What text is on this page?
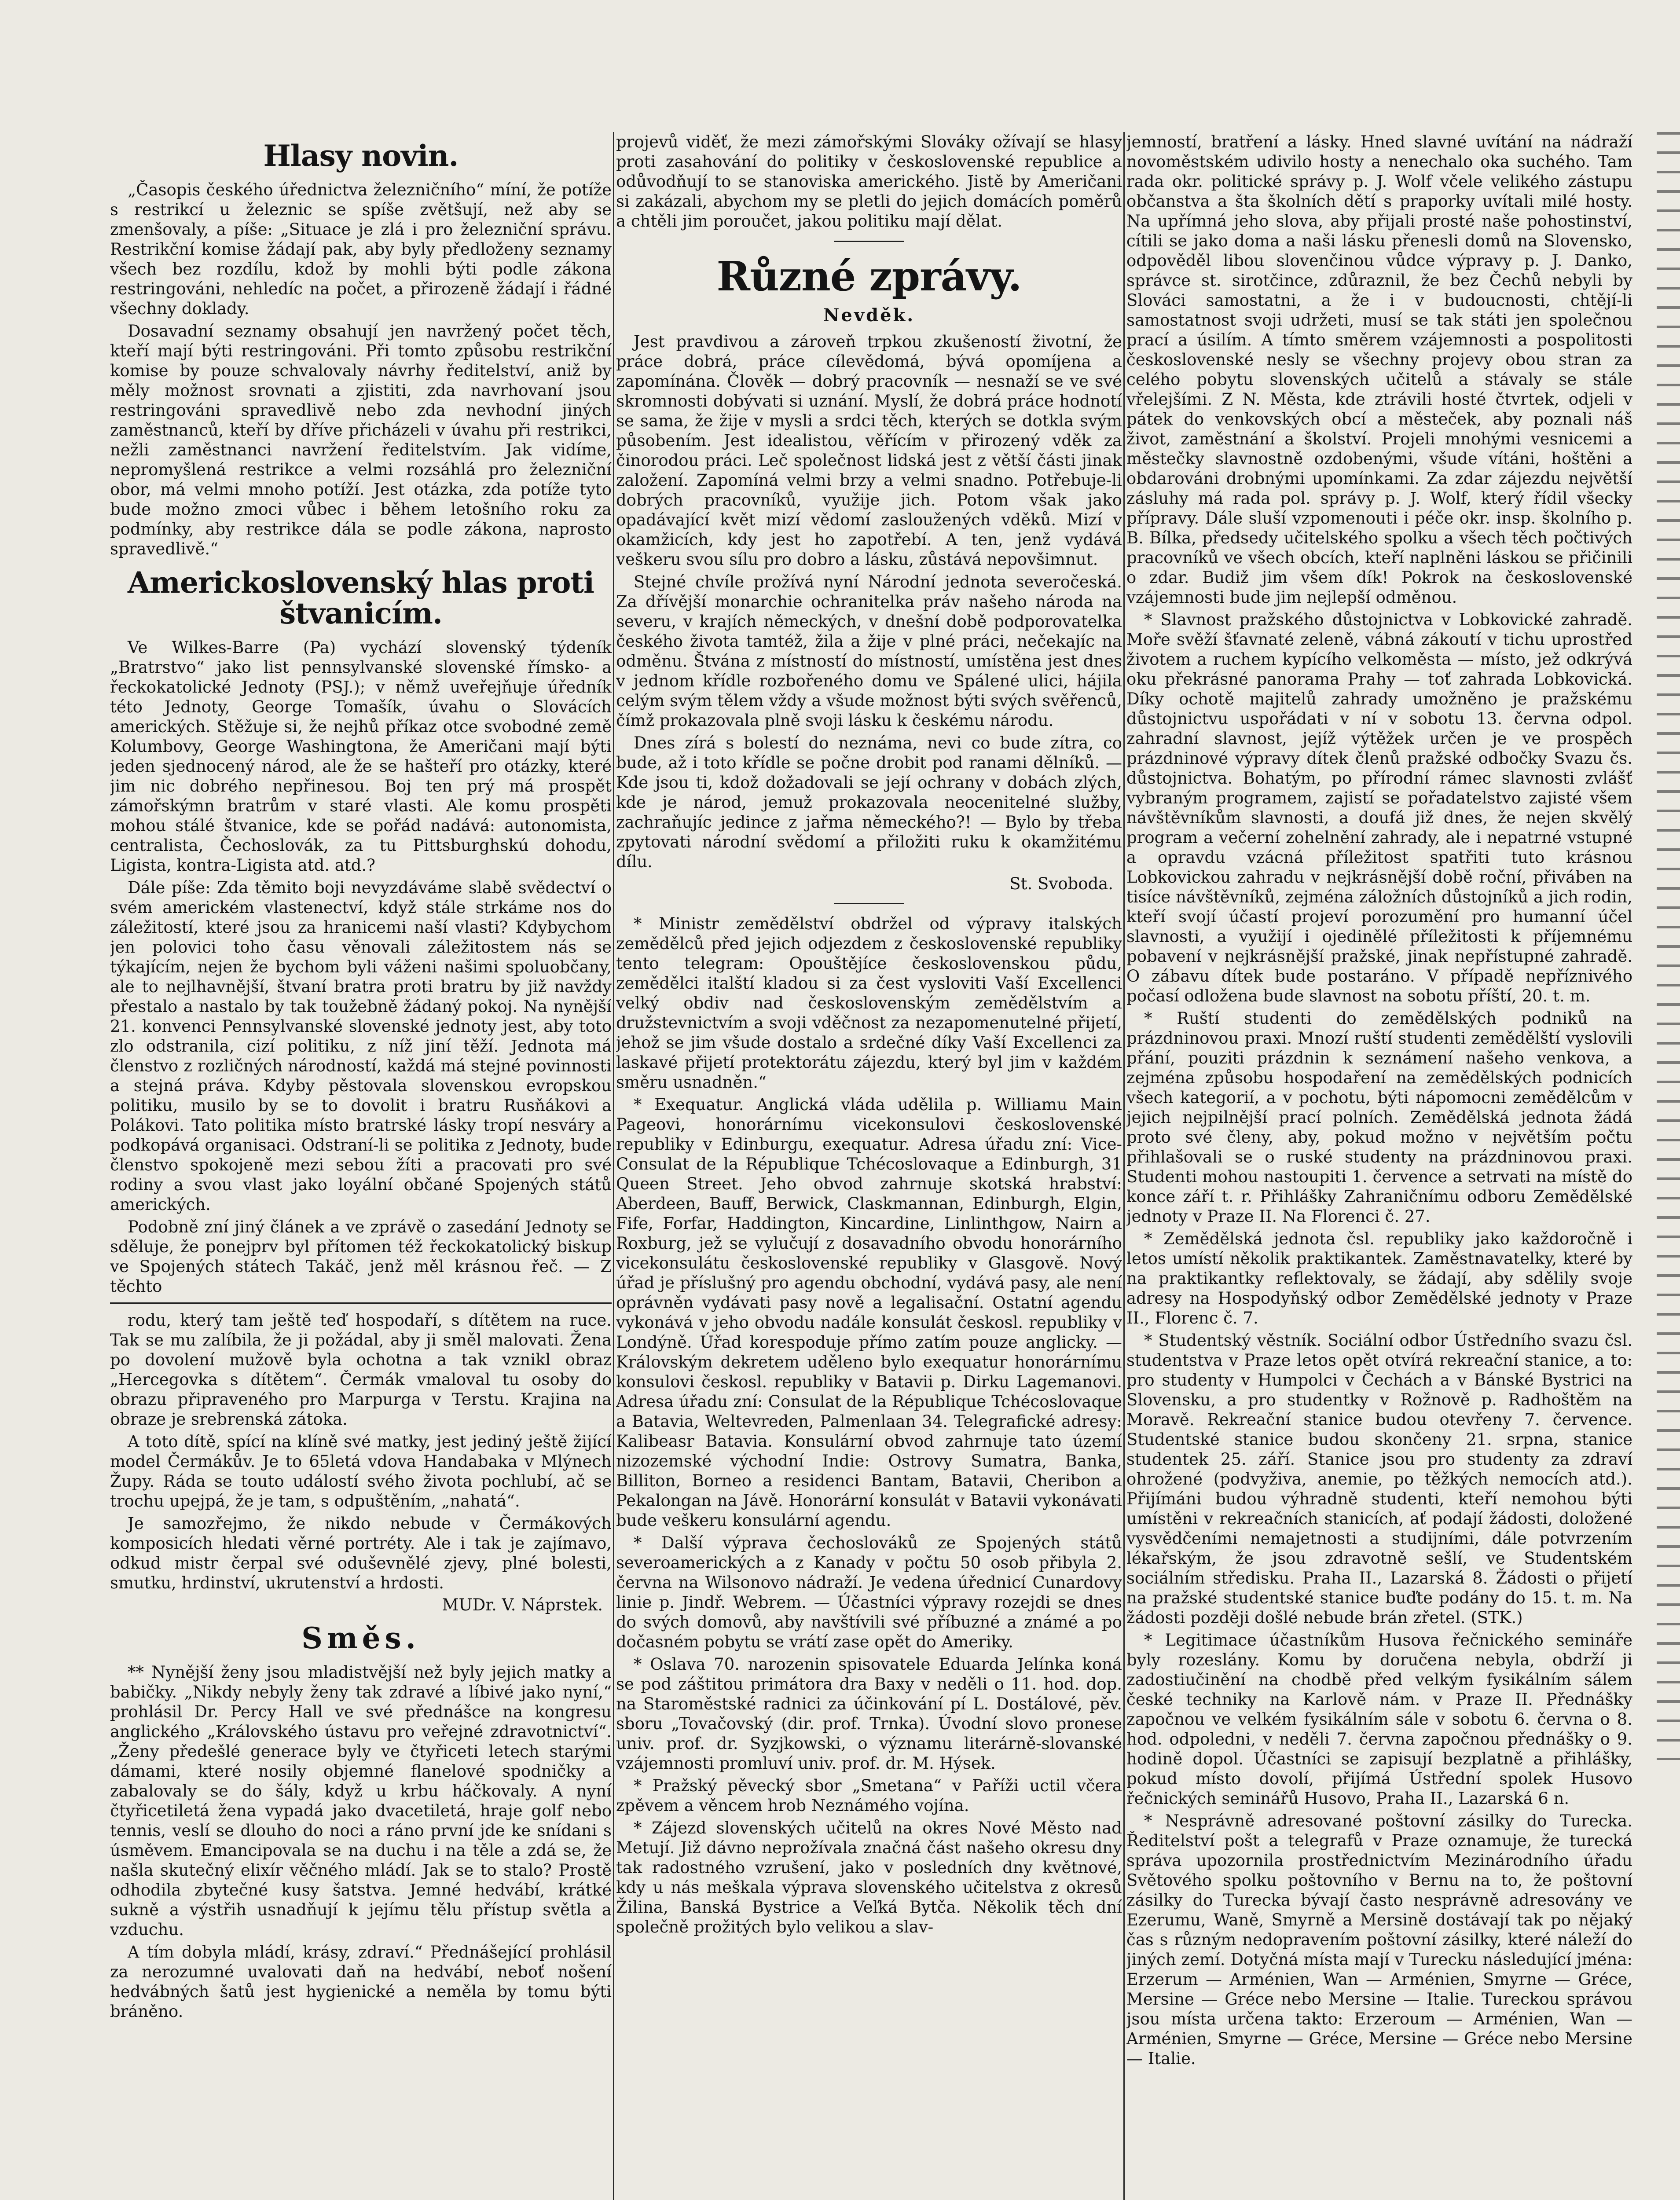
Hlasy novin.

„Časopis českého úřednictva železničního“ míní, že potíže s restrikcí u železnic se spíše zvětšují, než aby se zmenšovaly, a píše: „Situace je zlá i pro železniční správu. Restrikční komise žádají pak, aby byly předloženy seznamy všech bez rozdílu, kdož by mohli býti podle zákona restringováni, nehledíc na počet, a přirozeně žádají i řádné všechny doklady.

Dosavadní seznamy obsahují jen navržený počet těch, kteří mají býti restringováni. Při tomto způsobu restrikční komise by pouze schvalovaly návrhy ředitelství, aniž by měly možnost srovnati a zjistiti, zda navrhovaní jsou restringováni spravedlivě nebo zda nevhodní jiných zaměstnanců, kteří by dříve přicházeli v úvahu při restrikci, nežli zaměstnanci navržení ředitelstvím. Jak vidíme, nepromyšlená restrikce a velmi rozsáhlá pro železniční obor, má velmi mnoho potíží. Jest otázka, zda potíže tyto bude možno zmoci vůbec i během letošního roku za podmínky, aby restrikce dála se podle zákona, naprosto spravedlivě.“

Americkoslovenský hlas proti štvanicím.

Ve Wilkes-Barre (Pa) vychází slovenský týdeník „Bratrstvo“ jako list pennsylvanské slovenské římsko- a řeckokatolické Jednoty (PSJ.); v němž uveřejňuje úředník této Jednoty, George Tomašík, úvahu o Slovácích amerických. Stěžuje si, že nejhů příkaz otce svobodné země Kolumbovy, George Washingtona, že Američani mají býti jeden sjednocený národ, ale že se hašteří pro otázky, které jim nic dobrého nepřinesou. Boj ten prý má prospět zámořskýmn bratrům v staré vlasti. Ale komu prospěti mohou stálé štvanice, kde se pořád nadává: autonomista, centralista, Čechoslovák, za tu Pittsburghskú dohodu, Ligista, kontra-Ligista atd. atd.?

Dále píše: Zda těmito boji nevyzdáváme slabě svědectví o svém americkém vlastenectví, když stále strkáme nos do záležitostí, které jsou za hranicemi naší vlasti? Kdybychom jen polovici toho času věnovali záležitostem nás se týkajícím, nejen že bychom byli váženi našimi spoluobčany, ale to nejlhavnější, štvaní bratra proti bratru by již navždy přestalo a nastalo by tak toužebně žádaný pokoj. Na nynější 21. konvenci Pennsylvanské slovenské jednoty jest, aby toto zlo odstranila, cizí politiku, z níž jiní těží. Jednota má členstvo z rozličných národností, každá má stejné povinnosti a stejná práva. Kdyby pěstovala slovenskou evropskou politiku, musilo by se to dovolit i bratru Rusňákovi a Polákovi. Tato politika místo bratrské lásky tropí nesváry a podkopává organisaci. Odstraní-li se politika z Jednoty, bude členstvo spokojeně mezi sebou žíti a pracovati pro své rodiny a svou vlast jako loyální občané Spojených států amerických.

Podobně zní jiný článek a ve zprávě o zasedání Jednoty se sděluje, že ponejprv byl přítomen též řeckokatolický biskup ve Spojených státech Takáč, jenž měl krásnou řeč. — Z těchto

rodu, který tam ještě teď hospodaří, s dítětem na ruce. Tak se mu zalíbila, že ji požádal, aby ji směl malovati. Žena po dovolení mužově byla ochotna a tak vznikl obraz „Hercegovka s dítětem“. Čermák vmaloval tu osoby do obrazu připraveného pro Marpurga v Terstu. Krajina na obraze je srebrenská zátoka.

A toto dítě, spící na klíně své matky, jest jediný ještě žijící model Čermákův. Je to 65letá vdova Handabaka v Mlýnech Župy. Ráda se touto událostí svého života pochlubí, ač se trochu upejpá, že je tam, s odpuštěním, „nahatá“.

Je samozřejmo, že nikdo nebude v Čermákových komposicích hledati věrné portréty. Ale i tak je zajímavo, odkud mistr čerpal své oduševnělé zjevy, plné bolesti, smutku, hrdinství, ukrutenství a hrdosti.

MUDr. V. Náprstek.
Směs.

** Nynější ženy jsou mladistvější než byly jejich matky a babičky. „Nikdy nebyly ženy tak zdravé a líbivé jako nyní,“ prohlásil Dr. Percy Hall ve své přednášce na kongresu anglického „Královského ústavu pro veřejné zdravotnictví“. „Ženy předešlé generace byly ve čtyřiceti letech starými dámami, které nosily objemné flanelové spodničky a zabalovaly se do šály, když u krbu háčkovaly. A nyní čtyřicetiletá žena vypadá jako dvacetiletá, hraje golf nebo tennis, veslí se dlouho do noci a ráno první jde ke snídani s úsměvem. Emancipovala se na duchu i na těle a zdá se, že našla skutečný elixír věčného mládí. Jak se to stalo? Prostě odhodila zbytečné kusy šatstva. Jemné hedvábí, krátké sukně a výstřih usnadňují k jejímu tělu přístup světla a vzduchu.

A tím dobyla mládí, krásy, zdraví.“ Přednášející prohlásil za nerozumné uvalovati daň na hedvábí, neboť nošení hedvábných šatů jest hygienické a neměla by tomu býti bráněno.

projevů viděť, že mezi zámořskými Slováky ožívají se hlasy proti zasahování do politiky v československé republice a odůvodňují to se stanoviska amerického. Jistě by Američani si zakázali, abychom my se pletli do jejich domácích poměrů a chtěli jim poroučet, jakou politiku mají dělat.

Různé zprávy.
Nevděk.

Jest pravdivou a zároveň trpkou zkušeností životní, že práce dobrá, práce cílevědomá, bývá opomíjena a zapomínána. Člověk — dobrý pracovník — nesnaží se ve své skromnosti dobývati si uznání. Myslí, že dobrá práce hodnotí se sama, že žije v mysli a srdci těch, kterých se dotkla svým působením. Jest idealistou, věřícím v přirozený vděk za činorodou práci. Leč společnost lidská jest z větší části jinak založení. Zapomíná velmi brzy a velmi snadno. Potřebuje-li dobrých pracovníků, využije jich. Potom však jako opadávající květ mizí vědomí zasloužených vděků. Mizí v okamžicích, kdy jest ho zapotřebí. A ten, jenž vydává veškeru svou sílu pro dobro a lásku, zůstává nepovšimnut.

Stejné chvíle prožívá nyní Národní jednota severočeská. Za dřívější monarchie ochranitelka práv našeho národa na severu, v krajích německých, v dnešní době podporovatelka českého života tamtéž, žila a žije v plné práci, nečekajíc na odměnu. Štvána z místností do místností, umístěna jest dnes v jednom křídle rozbořeného domu ve Spálené ulici, hájila celým svým tělem vždy a všude možnost býti svých svěřenců, čímž prokazovala plně svoji lásku k českému národu.

Dnes zírá s bolestí do neznáma, nevi co bude zítra, co bude, až i toto křídle se počne drobit pod ranami dělníků. — Kde jsou ti, kdož dožadovali se její ochrany v dobách zlých, kde je národ, jemuž prokazovala neocenitelné služby, zachraňujíc jedince z jařma německého?! — Bylo by třeba zpytovati národní svědomí a přiložiti ruku k okamžitému dílu.

St. Svoboda.

* Ministr zemědělství obdržel od výpravy italských zemědělců před jejich odjezdem z československé republiky tento telegram: Opouštějíce československou půdu, zemědělci italští kladou si za čest vysloviti Vaší Excellenci velký obdiv nad československým zemědělstvím a družstevnictvím a svoji vděčnost za nezapomenutelné přijetí, jehož se jim všude dostalo a srdečné díky Vaší Excellenci za laskavé přijetí protektorátu zájezdu, který byl jim v každém směru usnadněn.“

* Exequatur. Anglická vláda udělila p. Williamu Main Pageovi, honorárnímu vicekonsulovi československé republiky v Edinburgu, exequatur. Adresa úřadu zní: Vice-Consulat de la République Tchécoslovaque a Edinburgh, 31 Queen Street. Jeho obvod zahrnuje skotská hrabství: Aberdeen, Bauff, Berwick, Claskmannan, Edinburgh, Elgin, Fife, Forfar, Haddington, Kincardine, Linlinthgow, Nairn a Roxburg, jež se vylučují z dosavadního obvodu honorárního vicekonsulátu československé republiky v Glasgově. Nový úřad je příslušný pro agendu obchodní, vydává pasy, ale není oprávněn vydávati pasy nově a legalisační. Ostatní agendu vykonává v jeho obvodu nadále konsulát českosl. republiky v Londýně. Úřad korespoduje přímo zatím pouze anglicky. — Královským dekretem uděleno bylo exequatur honorárnímu konsulovi českosl. republiky v Batavii p. Dirku Lagemanovi. Adresa úřadu zní: Consulat de la République Tchécoslovaque a Batavia, Weltevreden, Palmenlaan 34. Telegrafické adresy: Kalibeasr Batavia. Konsulární obvod zahrnuje tato území nizozemské východní Indie: Ostrovy Sumatra, Banka, Billiton, Borneo a residenci Bantam, Batavii, Cheribon a Pekalongan na Jávě. Honorární konsulát v Batavii vykonávati bude veškeru konsulární agendu.

* Další výprava čechoslováků ze Spojených států severoamerických a z Kanady v počtu 50 osob přibyla 2. června na Wilsonovo nádraží. Je vedena úřednicí Cunardovy linie p. Jindř. Webrem. — Účastníci výpravy rozejdi se dnes do svých domovů, aby navštívili své příbuzné a známé a po dočasném pobytu se vrátí zase opět do Ameriky.

* Oslava 70. narozenin spisovatele Eduarda Jelínka koná se pod záštitou primátora dra Baxy v neděli o 11. hod. dop. na Staroměstské radnici za účinkování pí L. Dostálové, pěv. sboru „Tovačovský (dir. prof. Trnka). Úvodní slovo pronese univ. prof. dr. Syzjkowski, o významu literárně-slovanské vzájemnosti promluví univ. prof. dr. M. Hýsek.

* Pražský pěvecký sbor „Smetana“ v Paříži uctil včera zpěvem a věncem hrob Neznámého vojína.

* Zájezd slovenských učitelů na okres Nové Město nad Metují. Již dávno neprožívala značná část našeho okresu dny tak radostného vzrušení, jako v posledních dny květnové, kdy u nás meškala výprava slovenského učitelstva z okresů Žilina, Banská Bystrice a Veľká Bytča. Několik těch dní společně prožitých bylo velikou a slav-

jemností, bratření a lásky. Hned slavné uvítání na nádraží novoměstském udivilo hosty a nenechalo oka suchého. Tam rada okr. politické správy p. J. Wolf včele velikého zástupu občanstva a šta školních dětí s praporky uvítali milé hosty. Na upřímná jeho slova, aby přijali prosté naše pohostinství, cítili se jako doma a naši lásku přenesli domů na Slovensko, odpověděl libou slovenčinou vůdce výpravy p. J. Danko, správce st. sirotčince, zdůraznil, že bez Čechů nebyli by Slováci samostatni, a že i v budoucnosti, chtějí-li samostatnost svoji udržeti, musí se tak státi jen společnou prací a úsilím. A tímto směrem vzájemnosti a pospolitosti československé nesly se všechny projevy obou stran za celého pobytu slovenských učitelů a stávaly se stále vřelejšími. Z N. Města, kde ztrávili hosté čtvrtek, odjeli v pátek do venkovských obcí a městeček, aby poznali náš život, zaměstnání a školství. Projeli mnohými vesnicemi a městečky slavnostně ozdobenými, všude vítáni, hoštěni a obdarováni drobnými upomínkami. Za zdar zájezdu největší zásluhy má rada pol. správy p. J. Wolf, který řídil všecky přípravy. Dále sluší vzpomenouti i péče okr. insp. školního p. B. Bílka, předsedy učitelského spolku a všech těch počtivých pracovníků ve všech obcích, kteří naplněni láskou se přičinili o zdar. Budiž jim všem dík! Pokrok na československé vzájemnosti bude jim nejlepší odměnou.

* Slavnost pražského důstojnictva v Lobkovické zahradě. Moře svěží šťavnaté zeleně, vábná zákoutí v tichu uprostřed životem a ruchem kypícího velkoměsta — místo, jež odkrývá oku překrásné panorama Prahy — toť zahrada Lobkovická. Díky ochotě majitelů zahrady umožněno je pražskému důstojnictvu uspořádati v ní v sobotu 13. června odpol. zahradní slavnost, jejíž výtěžek určen je ve prospěch prázdninové výpravy dítek členů pražské odbočky Svazu čs. důstojnictva. Bohatým, po přírodní rámec slavnosti zvlášť vybraným programem, zajistí se pořadatelstvo zajisté všem návštěvníkům slavnosti, a doufá již dnes, že nejen skvělý program a večerní zohelnění zahrady, ale i nepatrné vstupné a opravdu vzácná příležitost spatřiti tuto krásnou Lobkovickou zahradu v nejkrásnější době roční, přiváben na tisíce návštěvníků, zejména záložních důstojníků a jich rodin, kteří svojí účastí projeví porozumění pro humanní účel slavnosti, a využijí i ojedinělé příležitosti k příjemnému pobavení v nejkrásnější pražské, jinak nepřístupné zahradě. O zábavu dítek bude postaráno. V případě nepříznivého počasí odložena bude slavnost na sobotu příští, 20. t. m.

* Ruští studenti do zemědělských podniků na prázdninovou praxi. Mnozí ruští studenti zemědělští vyslovili přání, pouziti prázdnin k seznámení našeho venkova, a zejména způsobu hospodaření na zemědělských podnicích všech kategorií, a v pochotu, býti nápomocni zemědělcům v jejich nejpilnější prací polních. Zemědělská jednota žádá proto své členy, aby, pokud možno v největším počtu přihlašovali se o ruské studenty na prázdninovou praxi. Studenti mohou nastoupiti 1. července a setrvati na místě do konce září t. r. Přihlášky Zahraničnímu odboru Zemědělské jednoty v Praze II. Na Florenci č. 27.

* Zemědělská jednota čsl. republiky jako každoročně i letos umístí několik praktikantek. Zaměstnavatelky, které by na praktikantky reflektovaly, se žádají, aby sdělily svoje adresy na Hospodyňský odbor Zemědělské jednoty v Praze II., Florenc č. 7.

* Studentský věstník. Sociální odbor Ústředního svazu čsl. studentstva v Praze letos opět otvírá rekreační stanice, a to: pro studenty v Humpolci v Čechách a v Bánské Bystrici na Slovensku, a pro studentky v Rožnově p. Radhoštěm na Moravě. Rekreační stanice budou otevřeny 7. července. Studentské stanice budou skončeny 21. srpna, stanice studentek 25. září. Stanice jsou pro studenty za zdraví ohrožené (podvyživa, anemie, po těžkých nemocích atd.). Přijímáni budou výhradně studenti, kteří nemohou býti umístěni v rekreačních stanicích, ať podají žádosti, doložené vysvědčeními nemajetnosti a studijními, dále potvrzením lékařským, že jsou zdravotně sešlí, ve Studentském sociálním středisku. Praha II., Lazarská 8. Žádosti o přijetí na pražské studentské stanice buďte podány do 15. t. m. Na žádosti později došlé nebude brán zřetel. (STK.)

* Legitimace účastníkům Husova řečnického semináře byly rozeslány. Komu by doručena nebyla, obdrží ji zadostiučinění na chodbě před velkým fysikálním sálem české techniky na Karlově nám. v Praze II. Přednášky započnou ve velkém fysikálním sále v sobotu 6. června o 8. hod. odpoledni, v neděli 7. června započnou přednášky o 9. hodině dopol. Účastníci se zapisují bezplatně a přihlášky, pokud místo dovolí, přijímá Ústřední spolek Husovo řečnických seminářů Husovo, Praha II., Lazarská 6 n.

* Nesprávně adresované poštovní zásilky do Turecka. Ředitelství pošt a telegrafů v Praze oznamuje, že turecká správa upozornila prostřednictvím Mezinárodního úřadu Světového spolku poštovního v Bernu na to, že poštovní zásilky do Turecka bývají často nesprávně adresovány ve Ezerumu, Waně, Smyrně a Mersině dostávají tak po nějaký čas s různým nedopravením poštovní zásilky, které náleží do jiných zemí. Dotyčná místa mají v Turecku následující jména: Erzerum — Arménien, Wan — Arménien, Smyrne — Gréce, Mersine — Gréce nebo Mersine — Italie. Tureckou správou jsou místa určena takto: Erzeroum — Arménien, Wan — Arménien, Smyrne — Gréce, Mersine — Gréce nebo Mersine — Italie.
